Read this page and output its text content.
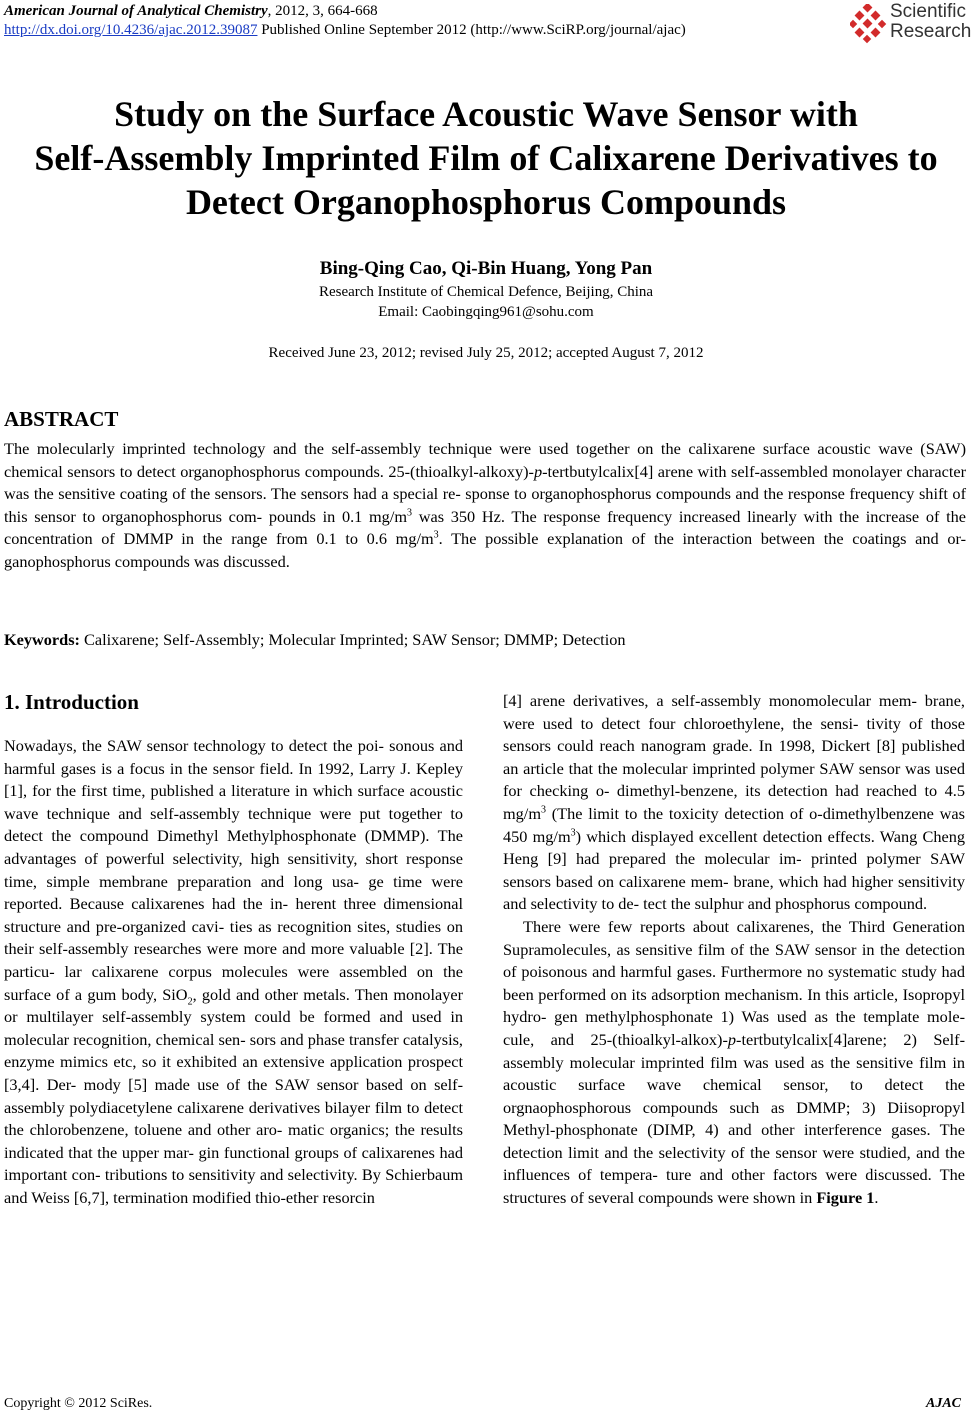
American Journal of Analytical Chemistry, 2012, 3, 664-668
http://dx.doi.org/10.4236/ajac.2012.39087 Published Online September 2012 (http://www.SciRP.org/journal/ajac)
Scientific
Research
Study on the Surface Acoustic Wave Sensor with
Self-Assembly Imprinted Film of Calixarene Derivatives to
Detect Organophosphorus Compounds
Bing-Qing Cao, Qi-Bin Huang, Yong Pan
Research Institute of Chemical Defence, Beijing, China
Email: Caobingqing961@sohu.com
Received June 23, 2012; revised July 25, 2012; accepted August 7, 2012
ABSTRACT
The molecularly imprinted technology and the self-assembly technique were used together on the calixarene surface acoustic wave (SAW) chemical sensors to detect organophosphorus compounds. 25-(thioalkyl-alkoxy)-p-tertbutylcalix[4] arene with self-assembled monolayer character was the sensitive coating of the sensors. The sensors had a special re- sponse to organophosphorus compounds and the response frequency shift of this sensor to organophosphorus com- pounds in 0.1 $mg/m^3$ was 350 Hz. The response frequency increased linearly with the increase of the concentration of DMMP in the range from 0.1 to 0.6 $mg/m^3$. The possible explanation of the interaction between the coatings and or- ganophosphorus compounds was discussed.
Keywords: Calixarene; Self-Assembly; Molecular Imprinted; SAW Sensor; DMMP; Detection
1. Introduction

Nowadays, the SAW sensor technology to detect the poi- sonous and harmful gases is a focus in the sensor field. In 1992, Larry J. Kepley [1], for the first time, published a literature in which surface acoustic wave technique and self-assembly technique were put together to detect the compound Dimethyl Methylphosphonate (DMMP). The advantages of powerful selectivity, high sensitivity, short response time, simple membrane preparation and long usa- ge time were reported. Because calixarenes had the in- herent three dimensional structure and pre-organized cavi- ties as recognition sites, studies on their self-assembly researches were more and more valuable [2]. The particu- lar calixarene corpus molecules were assembled on the surface of a gum body, SiO$_2$, gold and other metals. Then monolayer or multilayer self-assembly system could be formed and used in molecular recognition, chemical sen- sors and phase transfer catalysis, enzyme mimics etc, so it exhibited an extensive application prospect [3,4]. Der- mody [5] made use of the SAW sensor based on self- assembly polydiacetylene calixarene derivatives bilayer film to detect the chlorobenzene, toluene and other aro- matic organics; the results indicated that the upper mar- gin functional groups of calixarenes had important con- tributions to sensitivity and selectivity. By Schierbaum and Weiss [6,7], termination modified thio-ether resorcin

[4] arene derivatives, a self-assembly monomolecular mem- brane, were used to detect four chloroethylene, the sensi- tivity of those sensors could reach nanogram grade. In 1998, Dickert [8] published an article that the molecular imprinted polymer SAW sensor was used for checking o- dimethyl-benzene, its detection had reached to 4.5 $mg/m^3$ (The limit to the toxicity detection of o-dimethylbenzene was 450 $mg/m^3$) which displayed excellent detection effects. Wang Cheng Heng [9] had prepared the molecular im- printed polymer SAW sensors based on calixarene mem- brane, which had higher sensitivity and selectivity to de- tect the sulphur and phosphorus compound.

There were few reports about calixarenes, the Third Generation Supramolecules, as sensitive film of the SAW sensor in the detection of poisonous and harmful gases. Furthermore no systematic study had been performed on its adsorption mechanism. In this article, Isopropyl hydro- gen methylphosphonate 1) Was used as the template mole- cule, and 25-(thioalkyl-alkox)-p-tertbutylcalix[4]arene; 2) Self-assembly molecular imprinted film was used as the sensitive film in acoustic surface wave chemical sensor, to detect the orgnaophosphorous compounds such as DMMP; 3) Diisopropyl Methyl-phosphonate (DIMP, 4) and other interference gases. The detection limit and the selectivity of the sensor were studied, and the influences of tempera- ture and other factors were discussed. The structures of several compounds were shown in Figure 1.

Copyright © 2012 SciRes.	AJAC
